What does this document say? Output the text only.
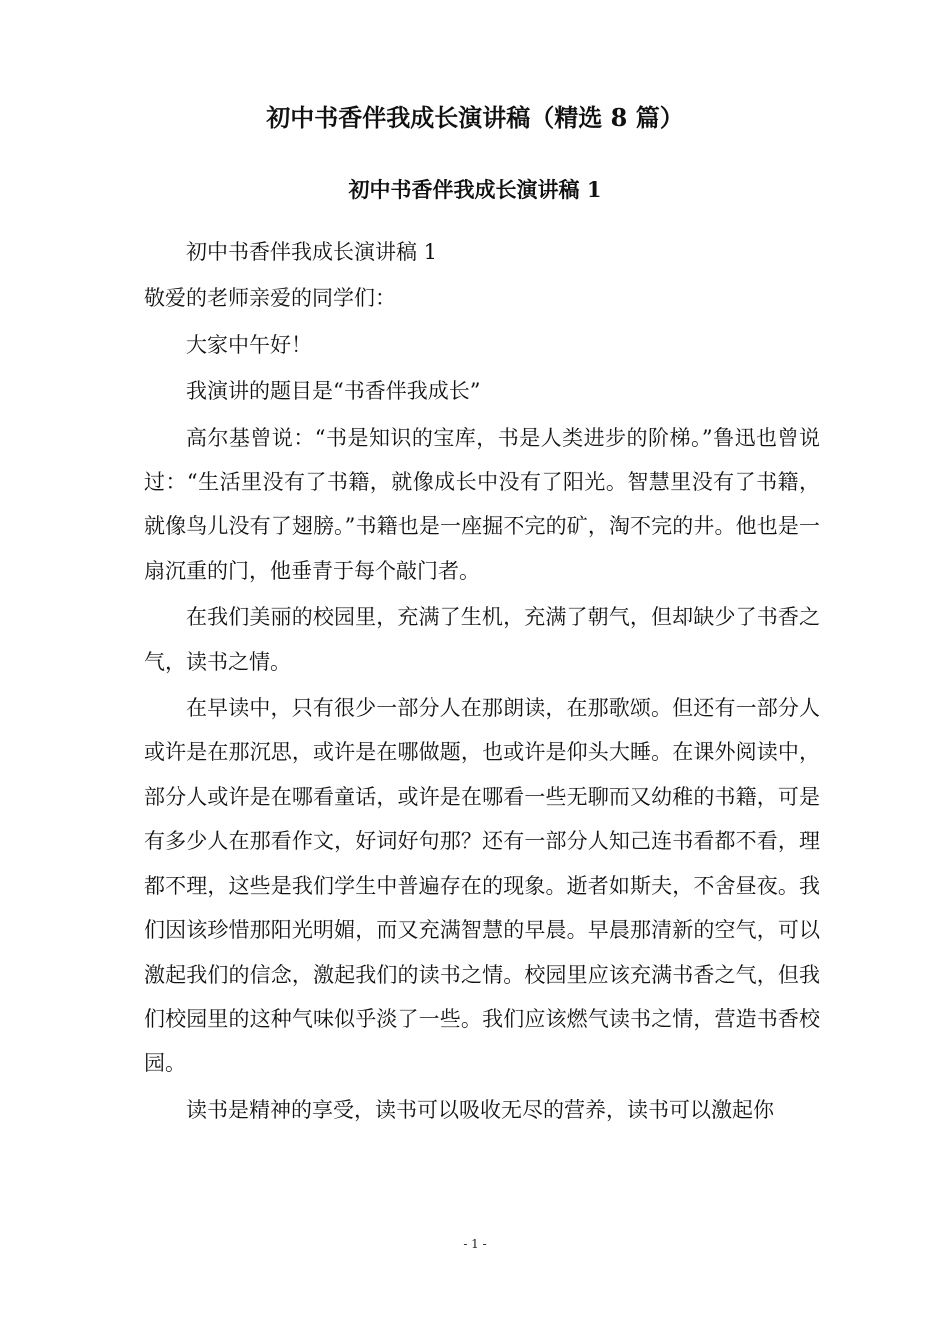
初中书香伴我成长演讲稿（精选 8 篇）
初中书香伴我成长演讲稿 1

初中书香伴我成长演讲稿 1

敬爱的老师亲爱的同学们：

大家中午好！

我演讲的题目是“书香伴我成长”

高尔基曾说：“书是知识的宝库，书是人类进步的阶梯。”鲁迅也曾说过：“生活里没有了书籍，就像成长中没有了阳光。智慧里没有了书籍，就像鸟儿没有了翅膀。”书籍也是一座掘不完的矿，淘不完的井。他也是一扇沉重的门，他垂青于每个敲门者。

在我们美丽的校园里，充满了生机，充满了朝气，但却缺少了书香之气，读书之情。

在早读中，只有很少一部分人在那朗读，在那歌颂。但还有一部分人或许是在那沉思，或许是在哪做题，也或许是仰头大睡。在课外阅读中，部分人或许是在哪看童话，或许是在哪看一些无聊而又幼稚的书籍，可是有多少人在那看作文，好词好句那？还有一部分人知己连书看都不看，理都不理，这些是我们学生中普遍存在的现象。逝者如斯夫，不舍昼夜。我们因该珍惜那阳光明媚，而又充满智慧的早晨。早晨那清新的空气，可以激起我们的信念，激起我们的读书之情。校园里应该充满书香之气，但我们校园里的这种气味似乎淡了一些。我们应该燃气读书之情，营造书香校园。

读书是精神的享受，读书可以吸收无尽的营养，读书可以激起你

- 1 -
